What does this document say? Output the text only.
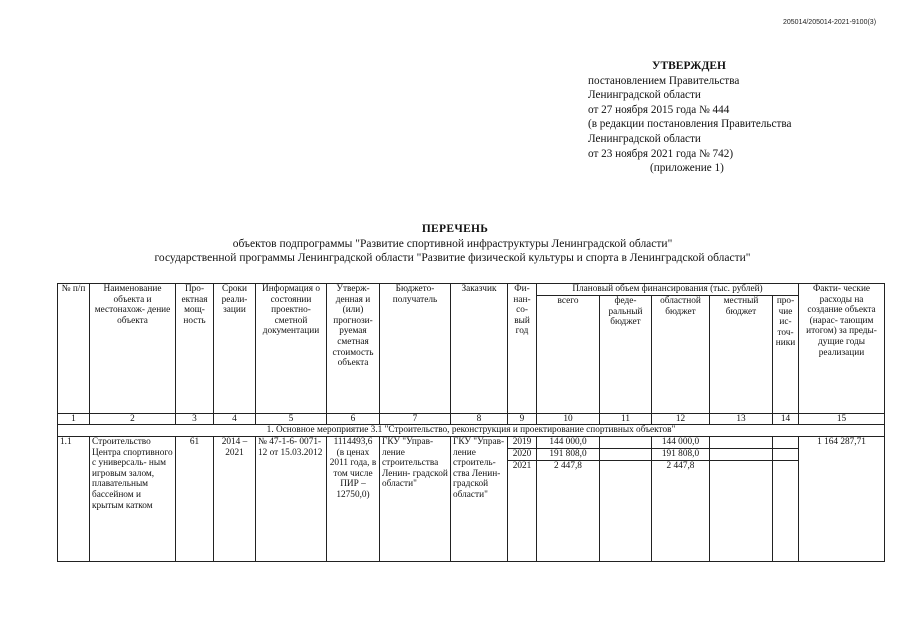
205014/205014-2021-9100(3)
УТВЕРЖДЕН
постановлением Правительства
Ленинградской области
от 27 ноября 2015 года № 444
(в редакции постановления Правительства
Ленинградской области
от 23 ноября 2021 года № 742)
(приложение 1)
ПЕРЕЧЕНЬ
объектов подпрограммы "Развитие спортивной инфраструктуры Ленинградской области"
государственной программы Ленинградской области "Развитие физической культуры и спорта в Ленинградской области"
№ п/п	Наименование объекта и местонахож- дение объекта	Про- ектная мощ- ность	Сроки реали- зации	Информация о состоянии проектно- сметной документации	Утверж- денная и (или) прогнози- руемая сметная стоимость объекта	Бюджето- получатель	Заказчик	Фи- нан- со- вый год	Плановый объем финансирования (тыс. рублей)					Факти- ческие расходы на создание объекта (нарас- тающим итогом) за преды- дущие годы реализации
									всего	феде- ральный бюджет	областной бюджет	местный бюджет	про- чие ис- точ- ники	
1	2	3	4	5	6	7	8	9	10	11	12	13	14	15
1. Основное мероприятие 3.1 "Строительство, реконструкция и проектирование спортивных объектов"														
1.1	Строительство Центра спортивного с универсаль- ным игровым залом, плавательным бассейном и крытым катком	61	2014 – 2021	№ 47-1-6- 0071-12 от 15.03.2012	1114493,6 (в ценах 2011 года, в том числе ПИР – 12750,0)	ГКУ "Управ- ление строительства Ленин- градской области"	ГКУ "Управ- ление строитель- ства Ленин- градской области"	2019	144 000,0		144 000,0			1 164 287,71
								2020	191 808,0		191 808,0			
								2021	2 447,8		2 447,8			
